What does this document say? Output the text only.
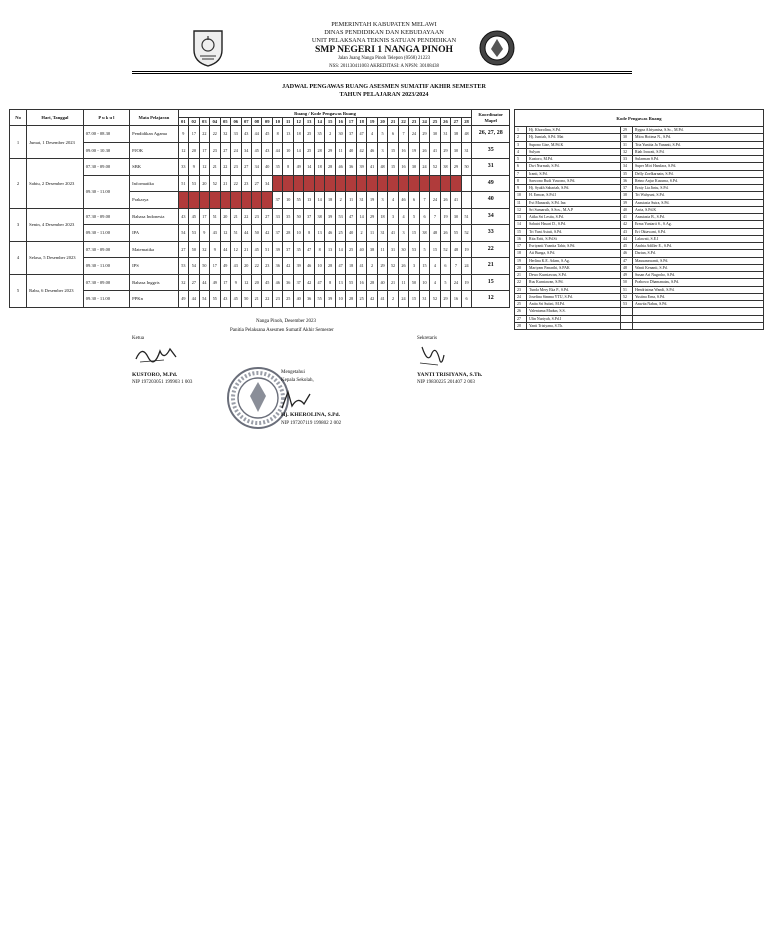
PEMERINTAH KABUPATEN MELAWI
DINAS PENDIDIKAN DAN KEBUDAYAAN
UNIT PELAKSANA TEKNIS SATUAN PENDIDIKAN
SMP NEGERI 1 NANGA PINOH
Jalan Juang Nanga Pinoh Telepon (0568) 21223
NSS: 201130411003 AKREDITASI: A NPSN: 30108438
JADWAL PENGAWAS RUANG ASESMEN SUMATIF AKHIR SEMESTER
TAHUN PELAJARAN 2023/2024
No	Hari, Tanggal	P u k u l	Mata Pelajaran	Ruang / Kode Pengawas Ruang																												Koordinator Mapel
				01	02	03	04	05	06	07	08	09	10	11	12	13	14	15	16	17	18	19	20	21	22	23	24	25	26	27	28	
1	Jumat, 1 Desember 2023	07.00 - 08.30	Pendidikan Agama	9	17	22	22	32	33	43	44	45	8	13	18	25	35	2	30	37	47	4	5	6	7	24	29	30	31	38	48	26, 27, 28
		09.00 - 10.30	PJOK	12	20	17	23	27	24	34	45	43	44	10	14	25	28	29	11	40	42	46	3	15	16	19	26	41	29	30	31	35
2	Sabtu, 2 Desember 2023	07.30 - 09.00	SBK	33	9	12	21	22	23	27	34	40	35	8	49	14	18	28	46	36	39	41	48	15	16	30	24	52	38	29	50	31
		09.30 - 11.00	Informatika	51	53	20	52	21	22	23	27	34																				49
			Prakarya										37	10	55	13	14	18	2	11	31	19	3	4	46	6	7	24	26	41		40
3	Senin, 4 Desember 2023	07.30 - 09.00	Bahasa Indonesia	43	45	17	51	20	21	22	23	27	33	35	50	37	38	39	53	47	14	29	18	3	4	5	6	7	19	30	51	34
		09.30 - 11.00	IPA	54	53	9	43	12	51	44	50	42	37	28	10	8	13	46	25	40	2	11	31	41	3	15	38	48	26	55	52	33
4	Selasa, 5 Desember 2023	07.30 - 09.00	Matematika	27	50	32	9	44	12	21	45	51	39	37	35	47	8	13	14	25	40	38	11	31	30	53	5	15	52	48	19	22
		09.30 - 11.00	IPS	53	54	50	17	49	43	20	22	23	36	42	39	46	10	28	47	18	41	2	29	52	26	3	15	4	6	7	24	21
5	Rabu, 6 Desember 2023	07.30 - 09.00	Bahasa Inggris	32	27	44	49	17	9	12	20	45	46	36	37	42	47	8	13	55	16	28	40	21	11	50	10	4	5	24	19	15
		09.30 - 11.00	PPKn	49	44	54	55	43	45	50	21	22	23	25	40	36	55	39	10	28	25	42	41	2	24	15	31	52	29	16	6	12
Kode Pengawas Ruang			
1	Hj. Khorolina, S.Pd.	29	Rygna Afriyanisa, S.Sc., M.Pd.
2	Hj. Jumiah, S.Pd. Mat	30	Mitra Hotima N., S.Pd.
3	Supono Gise, M.Pd.K	31	Tria Yuniita Ja Yunanti, S.Pd.
4	Sulyan	32	Riah Irawati, S.Pd.
5	Kustoro, M.Pd.	33	Sularman S.Pd.
6	Dwi Nurmah, S.Pd.	34	Super Miri Handara, S.Pd.
7	Iranti, S.Pd.	35	Delly Zoelkarnain, S.Pd.
8	Sarwono Budi Yuwono, S.Pd.	36	Retno Anjar Kusuma, S.Pd.
9	Hj. Syakh Sabariah, S.Pd.	37	Erniy Lia Jintu, S.Pd.
10	H. Ermon, S.Pd.I	38	Tri Wahyuni, S.Pd.
11	Evi Munarah, S.Pd. Ina	39	Anastasia Sutra, S.Pd.
12	Sri Sumarsih, S.Sos., M.A.P	40	Arria, S.Pd.K
13	Atika Sri Lestia, S.Pd.	41	Anastasia B., S.Pd.
14	Sahatri Hasari D., S.Pd.	42	Erma Yuniarti S., S.Ag.
15	Tri Yuni Astuti, S.Pd.	43	Eri Oktawani, S.Pd.
16	Rita Eriti, S.Pd.Si	44	Lalawati, S.E.I
17	Evriyanti Yoanita Tahir, S.Pd.	45	Andria Adiller E., S.Pd.
18	Ati Bunga, S.Pd.	46	Darian, S.Pd.
19	Herlina K.E. Adam, S.Ag.	47	Mauuanawanti, S.Pd.
20	Mariyam Panarthi, S.PAK	48	Wanti Kenanti, S.Pd.
21	Dewo Kurniawan, S.Pd.	49	Susan Ari Nugroho, S.Pd.
22	Rus Kurniawan, S.Pd.	50	Prabowo Dhamanatas, S.Pd.
23	Tunda Mery Eka P., S.Pd.	51	Hendriatma Wandi, S.Pd.
24	Josefina Simma YTU, S.Pd.	52	Yustina Erna, S.Pd.
25	Anita Sri Sutini, M.Pd.	53	Anwita Nabas, S.Pd.
26	Valentama Madun, S.S.		
27	Ulin Nuriyah, S.Pd.I		
28	Yanti Trisiyana, S.Th.		
Nanga Pinoh, Desember 2023
Panitia Pelaksana Asesmen Sumatif Akhir Semester
Ketua
KUSTORO, M.Pd.
NIP 197203051 199903 1 003
Sekretaris
YANTI TRISIYANA, S.Th.
NIP 19830225 201407 2 003
Mengetahui
Kepala Sekolah,
Hj. KHEROLINA, S.Pd.
NIP 197207119 199802 2 002
